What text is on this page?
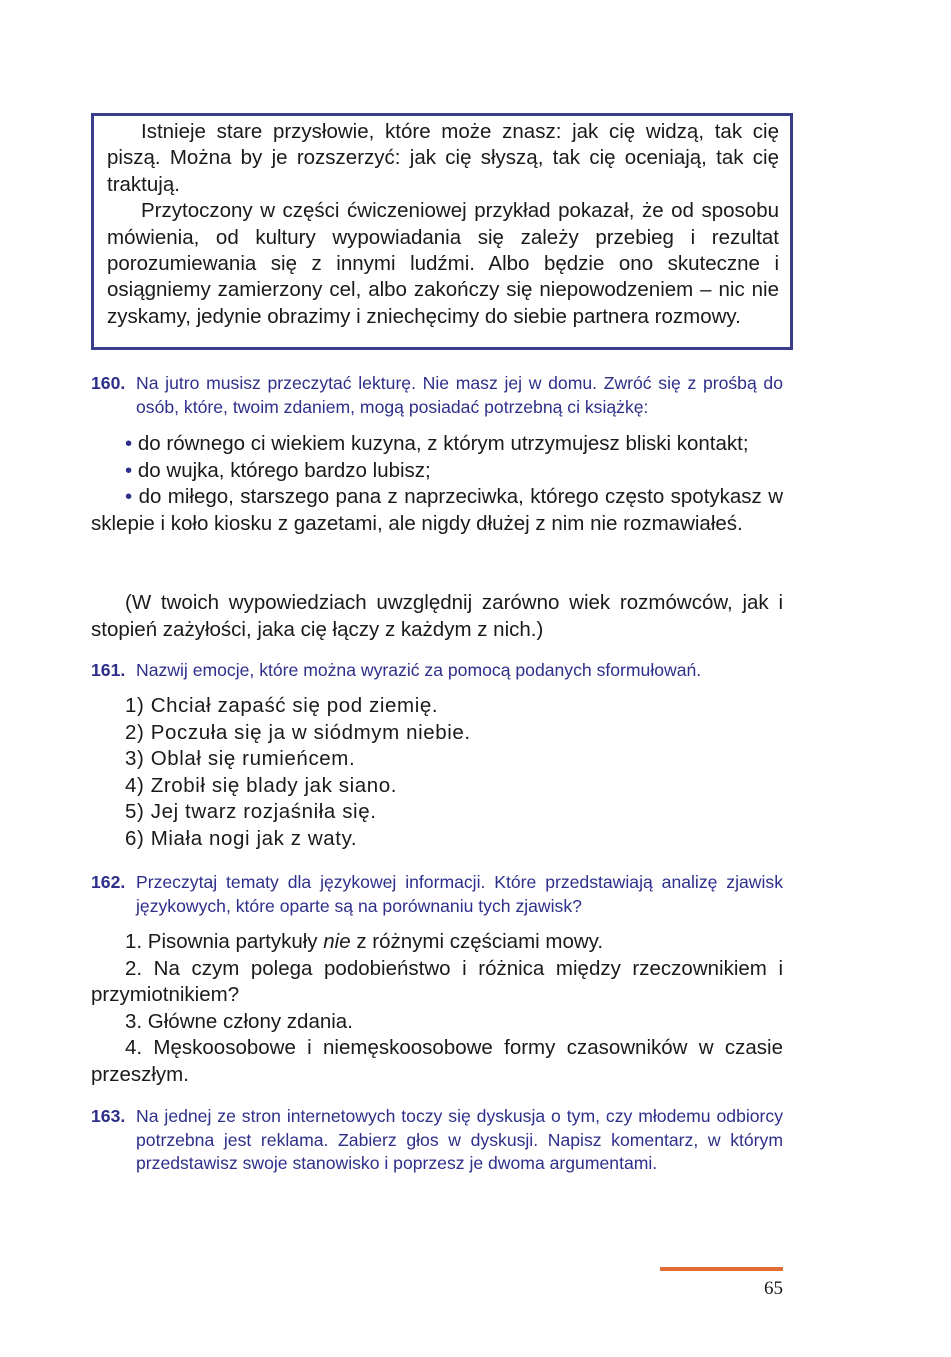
Istnieje stare przysłowie, które może znasz: jak cię widzą, tak cię piszą. Można by je rozszerzyć: jak cię słyszą, tak cię oceniają, tak cię traktują.

Przytoczony w części ćwiczeniowej przykład pokazał, że od sposobu mówienia, od kultury wypowiadania się zależy przebieg i rezultat porozumiewania się z innymi ludźmi. Albo będzie ono skuteczne i osiągniemy zamierzony cel, albo zakończy się niepowodzeniem – nic nie zyskamy, jedynie obrazimy i zniechęcimy do siebie partnera rozmowy.

160. Na jutro musisz przeczytać lekturę. Nie masz jej w domu. Zwróć się z prośbą do osób, które, twoim zdaniem, mogą posiadać potrzebną ci książkę:

• do równego ci wiekiem kuzyna, z którym utrzymujesz bliski kontakt;

• do wujka, którego bardzo lubisz;

• do miłego, starszego pana z naprzeciwka, którego często spotykasz w sklepie i koło kiosku z gazetami, ale nigdy dłużej z nim nie rozmawiałeś.

(W twoich wypowiedziach uwzględnij zarówno wiek rozmówców, jak i stopień zażyłości, jaka cię łączy z każdym z nich.)

161. Nazwij emocje, które można wyrazić za pomocą podanych sformułowań.
1) Chciał zapaść się pod ziemię.
2) Poczuła się ja w siódmym niebie.
3) Oblał się rumieńcem.
4) Zrobił się blady jak siano.
5) Jej twarz rozjaśniła się.
6) Miała nogi jak z waty.
162. Przeczytaj tematy dla językowej informacji. Które przedstawiają analizę zjawisk językowych, które oparte są na porównaniu tych zjawisk?

1. Pisownia partykuły nie z różnymi częściami mowy.

2. Na czym polega podobieństwo i różnica między rzeczownikiem i przymiotnikiem?

3. Główne człony zdania.

4. Męskoosobowe i niemęskoosobowe formy czasowników w czasie przeszłym.

163. Na jednej ze stron internetowych toczy się dyskusja o tym, czy młodemu odbiorcy potrzebna jest reklama. Zabierz głos w dyskusji. Napisz komentarz, w którym przedstawisz swoje stanowisko i poprzesz je dwoma argumentami.
65
